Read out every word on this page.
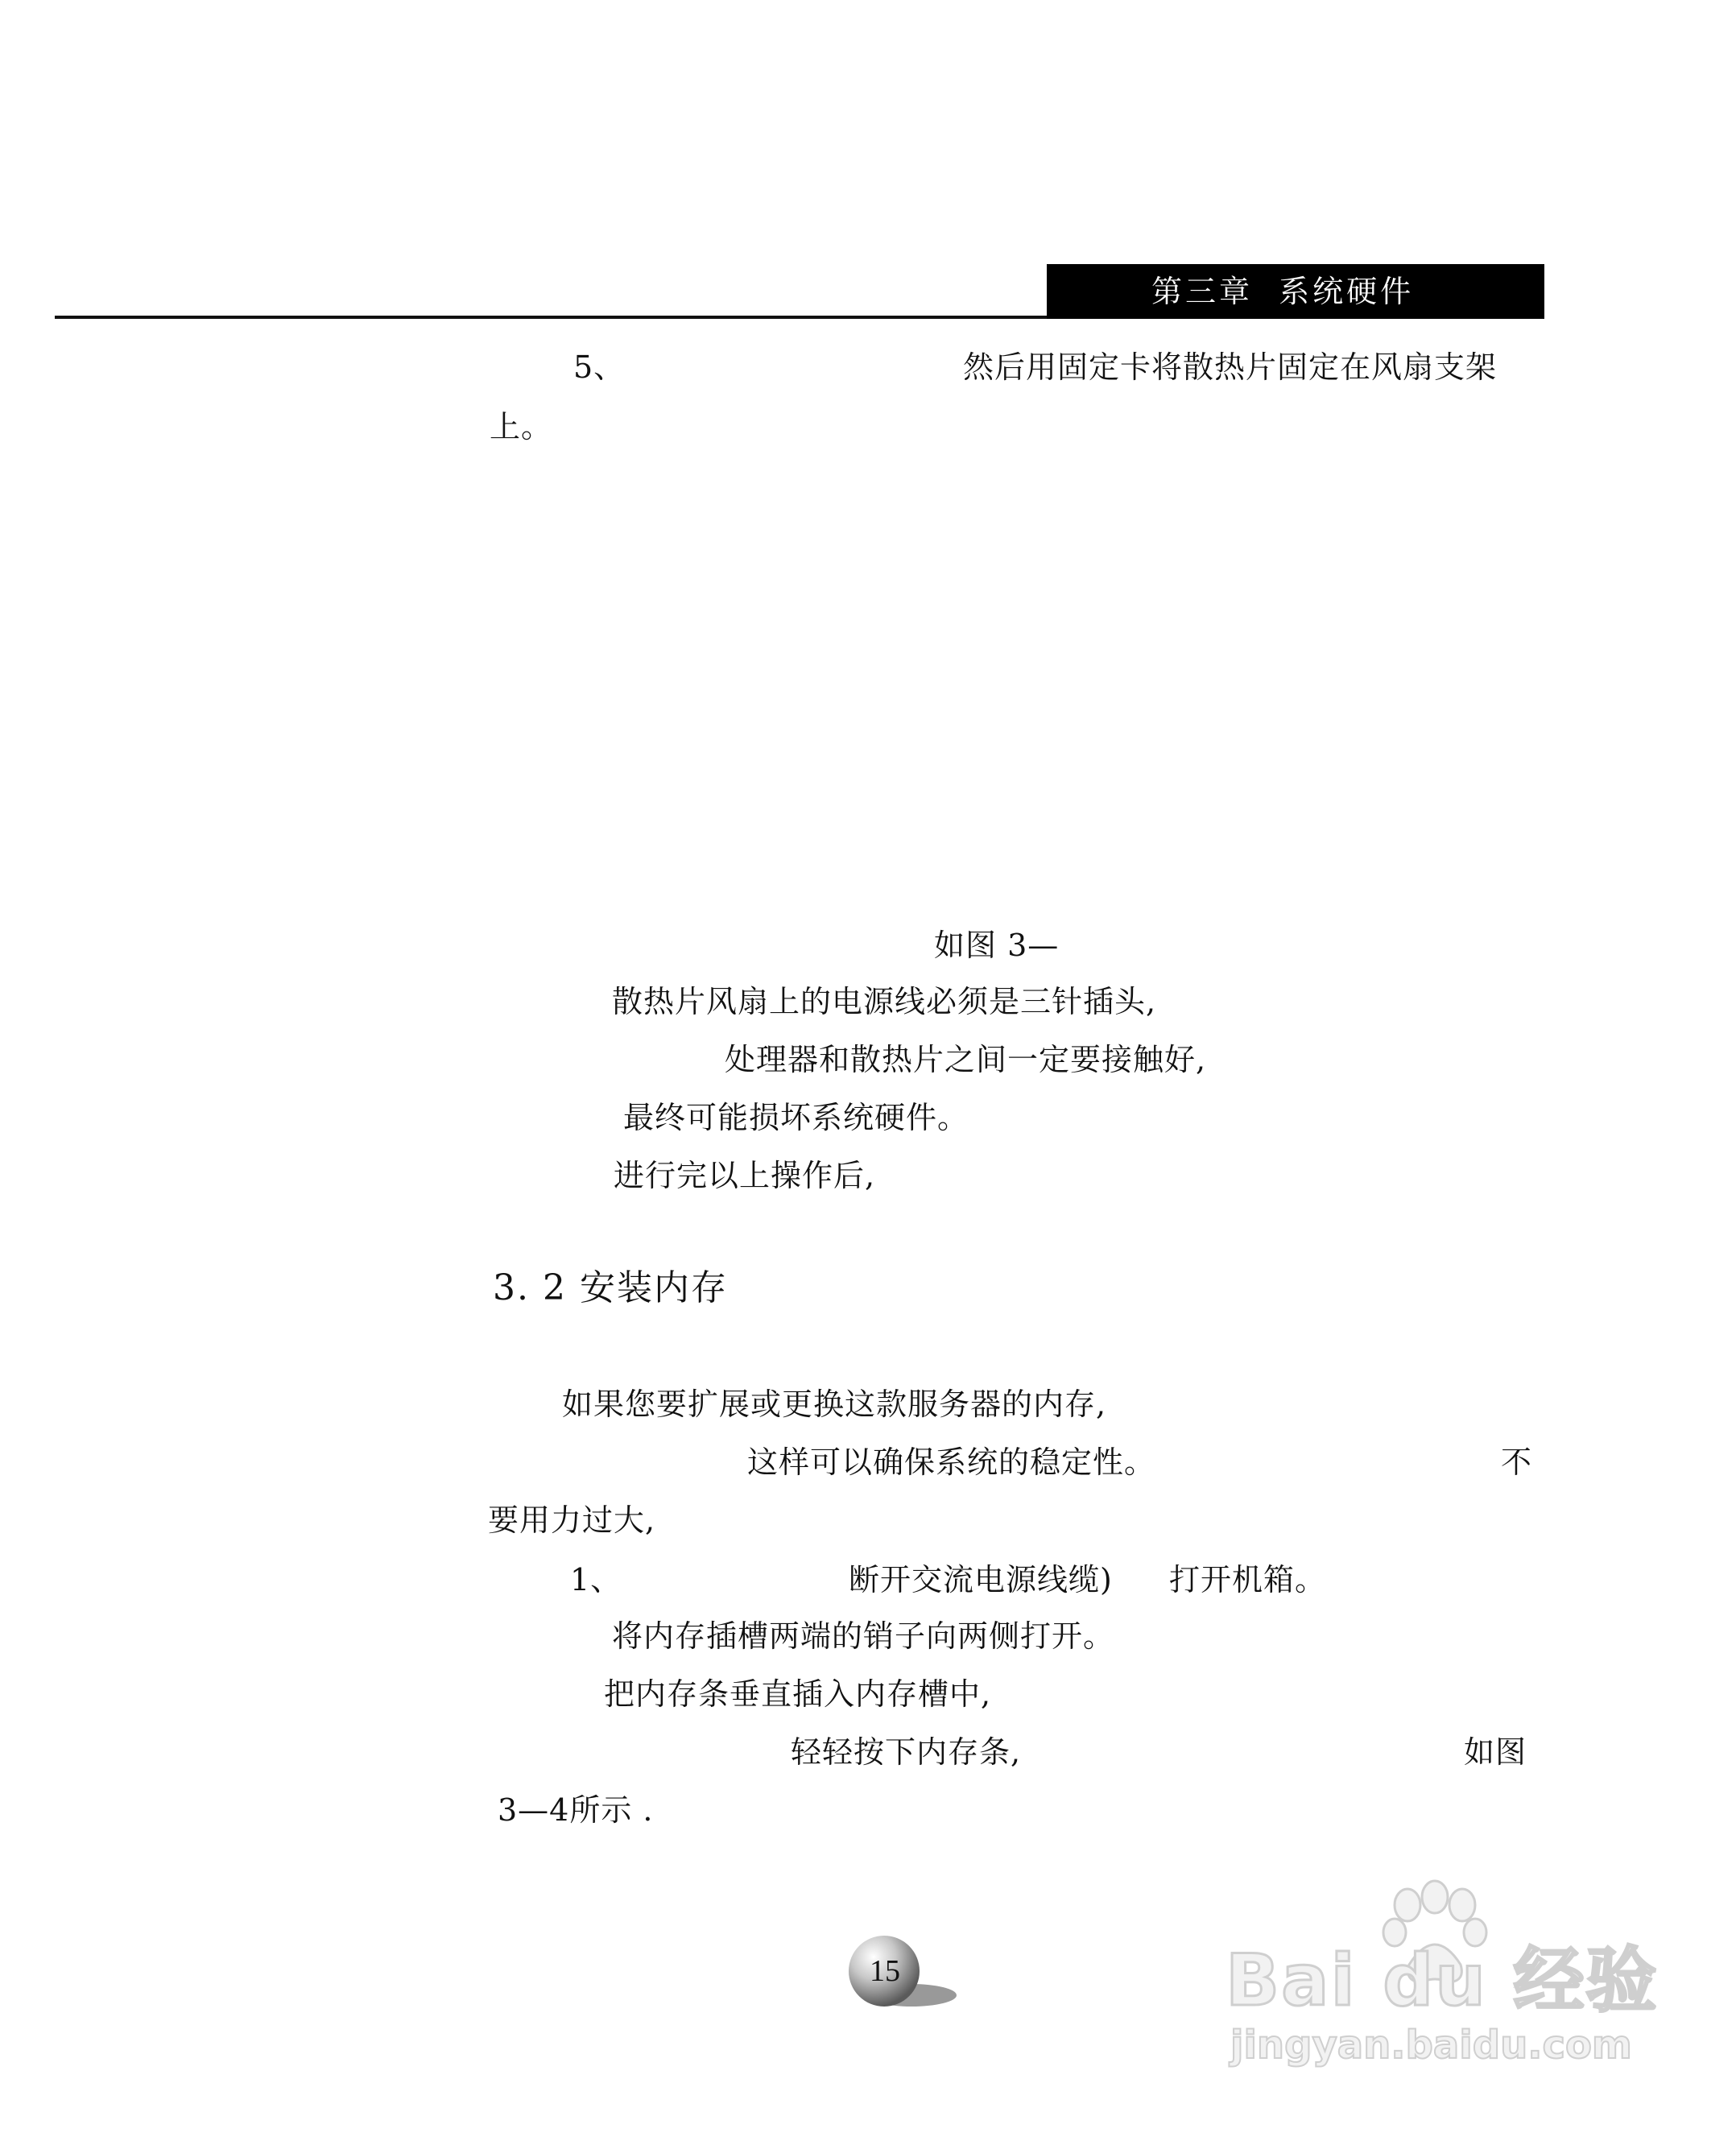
第三章  系统硬件
5、	然后用固定卡将散热片固定在风扇支架
上。
如图 3—
散热片风扇上的电源线必须是三针插头,
处理器和散热片之间一定要接触好,
最终可能损坏系统硬件。
进行完以上操作后,
3. 2 安装内存
如果您要扩展或更换这款服务器的内存,
这样可以确保系统的稳定性。	不
要用力过大,
1、	断开交流电源线缆) 打开机箱。
将内存插槽两端的销子向两侧打开。
把内存条垂直插入内存槽中,
轻轻按下内存条,	如图
3—4所示 .
15	Bai du 经验
jingyan.baidu.com
